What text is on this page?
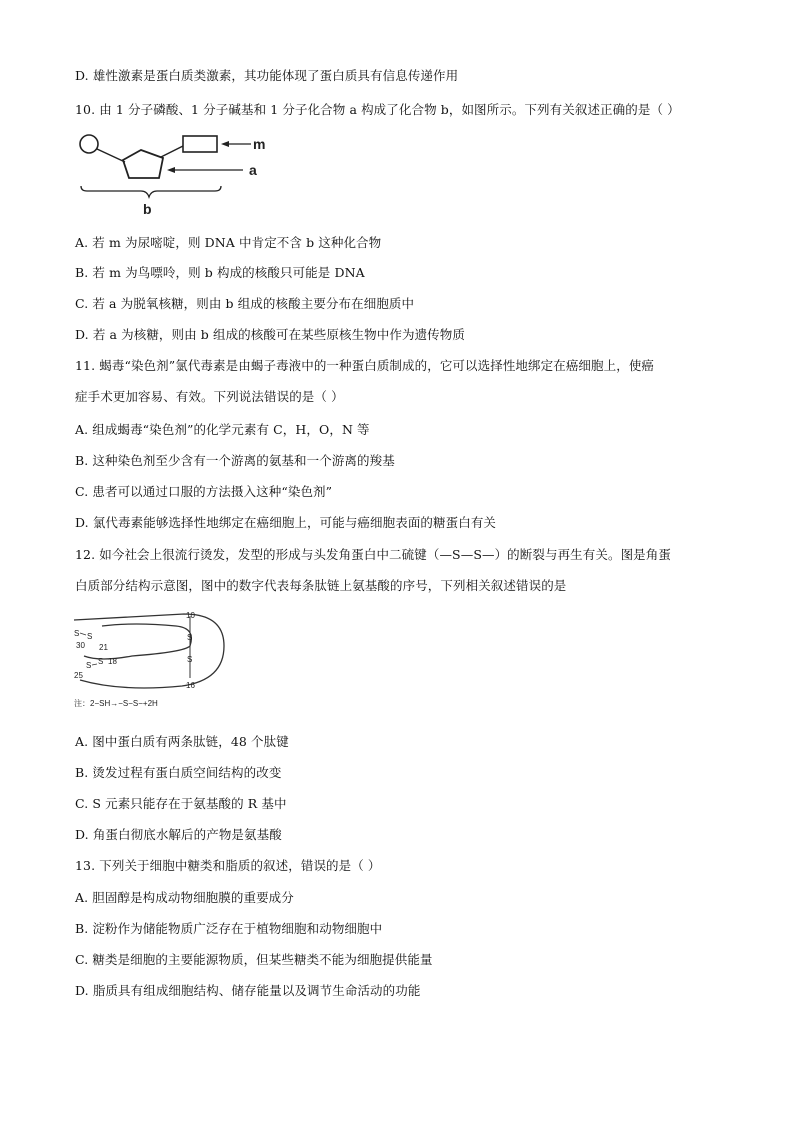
D. 雄性激素是蛋白质类激素，其功能体现了蛋白质具有信息传递作用
10. 由 1 分子磷酸、1 分子碱基和 1 分子化合物 a 构成了化合物 b，如图所示。下列有关叙述正确的是（ ）
m
a
b
A. 若 m 为尿嘧啶，则 DNA 中肯定不含 b 这种化合物
B. 若 m 为鸟嘌呤，则 b 构成的核酸只可能是 DNA
C. 若 a 为脱氧核糖，则由 b 组成的核酸主要分布在细胞质中
D. 若 a 为核糖，则由 b 组成的核酸可在某些原核生物中作为遗传物质
11. 蝎毒“染色剂”氯代毒素是由蝎子毒液中的一种蛋白质制成的，它可以选择性地绑定在癌细胞上，使癌
症手术更加容易、有效。下列说法错误的是（ ）
A. 组成蝎毒“染色剂”的化学元素有 C，H，O，N 等
B. 这种染色剂至少含有一个游离的氨基和一个游离的羧基
C. 患者可以通过口服的方法摄入这种“染色剂”
D. 氯代毒素能够选择性地绑定在癌细胞上，可能与癌细胞表面的糖蛋白有关
12. 如今社会上很流行烫发，发型的形成与头发角蛋白中二硫键（—S—S—）的断裂与再生有关。图是角蛋
白质部分结构示意图，图中的数字代表每条肽链上氨基酸的序号，下列相关叙述错误的是
10
S
S
16
S S
30 21
S S 18
25
注：2−SH→−S−S−+2H
A. 图中蛋白质有两条肽链，48 个肽键
B. 烫发过程有蛋白质空间结构的改变
C. S 元素只能存在于氨基酸的 R 基中
D. 角蛋白彻底水解后的产物是氨基酸
13. 下列关于细胞中糖类和脂质的叙述，错误的是（ ）
A. 胆固醇是构成动物细胞膜的重要成分
B. 淀粉作为储能物质广泛存在于植物细胞和动物细胞中
C. 糖类是细胞的主要能源物质，但某些糖类不能为细胞提供能量
D. 脂质具有组成细胞结构、储存能量以及调节生命活动的功能
